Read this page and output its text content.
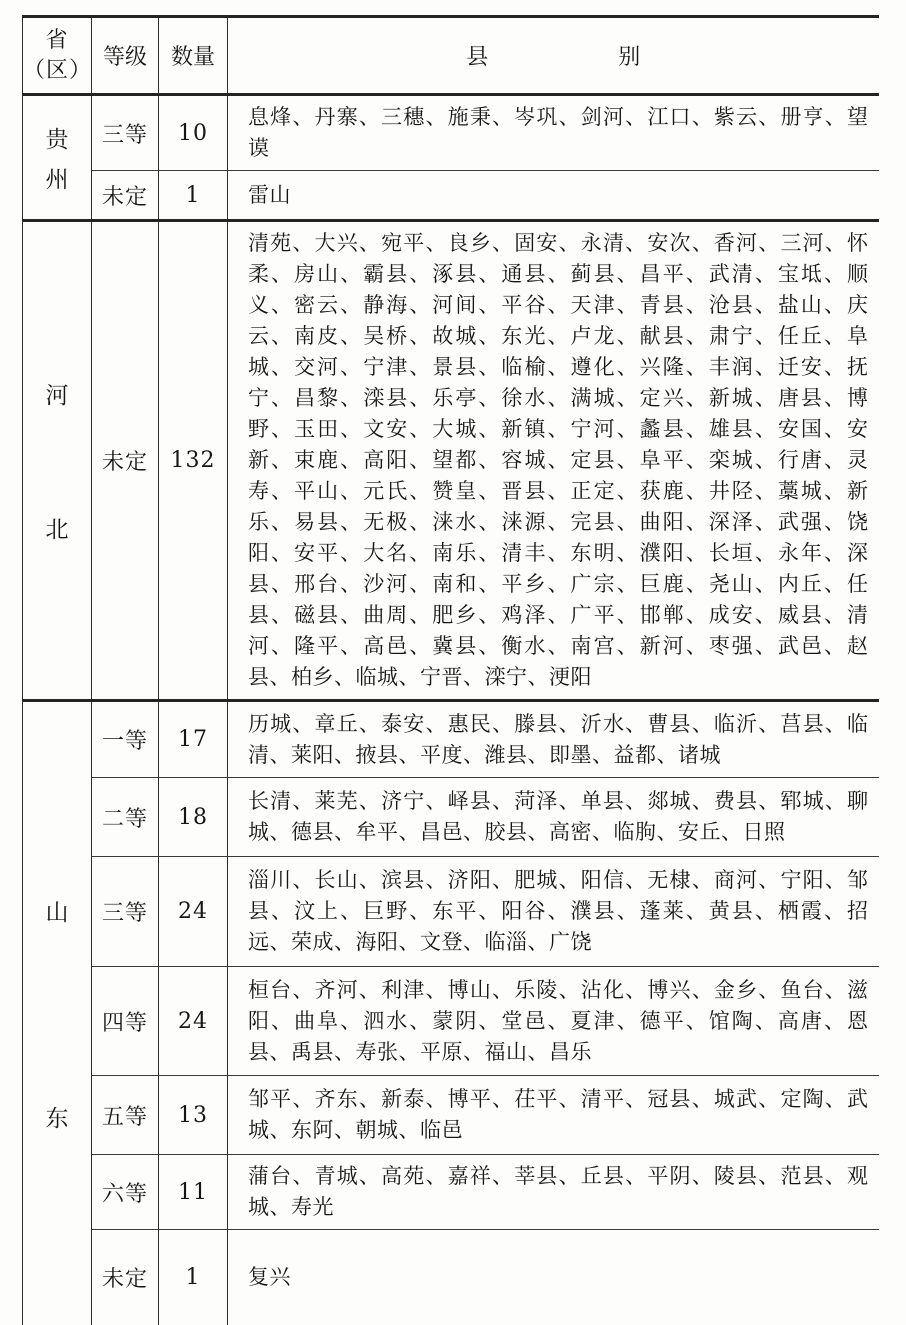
省
（区）	等级	数量	县 别

贵
州	三等	10	息烽、丹寨、三穗、施秉、岑巩、剑河、江口、紫云、册亨、望谟
	未定	1	雷山

河
北	未定	132	清苑、大兴、宛平、良乡、固安、永清、安次、香河、三河、怀柔、房山、霸县、涿县、通县、蓟县、昌平、武清、宝坻、顺义、密云、静海、河间、平谷、天津、青县、沧县、盐山、庆云、南皮、吴桥、故城、东光、卢龙、献县、肃宁、任丘、阜城、交河、宁津、景县、临榆、遵化、兴隆、丰润、迁安、抚宁、昌黎、滦县、乐亭、徐水、满城、定兴、新城、唐县、博野、玉田、文安、大城、新镇、宁河、蠡县、雄县、安国、安新、束鹿、高阳、望都、容城、定县、阜平、栾城、行唐、灵寿、平山、元氏、赞皇、晋县、正定、获鹿、井陉、藁城、新乐、易县、无极、涞水、涞源、完县、曲阳、深泽、武强、饶阳、安平、大名、南乐、清丰、东明、濮阳、长垣、永年、深县、邢台、沙河、南和、平乡、广宗、巨鹿、尧山、内丘、任县、磁县、曲周、肥乡、鸡泽、广平、邯郸、成安、威县、清河、隆平、高邑、冀县、衡水、南宫、新河、枣强、武邑、赵县、柏乡、临城、宁晋、滦宁、浭阳

山
东	一等	17	历城、章丘、泰安、惠民、滕县、沂水、曹县、临沂、莒县、临清、莱阳、掖县、平度、潍县、即墨、益都、诸城
	二等	18	长清、莱芜、济宁、峄县、菏泽、单县、郯城、费县、郓城、聊城、德县、牟平、昌邑、胶县、高密、临朐、安丘、日照
	三等	24	淄川、长山、滨县、济阳、肥城、阳信、无棣、商河、宁阳、邹县、汶上、巨野、东平、阳谷、濮县、蓬莱、黄县、栖霞、招远、荣成、海阳、文登、临淄、广饶
	四等	24	桓台、齐河、利津、博山、乐陵、沾化、博兴、金乡、鱼台、滋阳、曲阜、泗水、蒙阴、堂邑、夏津、德平、馆陶、高唐、恩县、禹县、寿张、平原、福山、昌乐
	五等	13	邹平、齐东、新泰、博平、茌平、清平、冠县、城武、定陶、武城、东阿、朝城、临邑
	六等	11	蒲台、青城、高苑、嘉祥、莘县、丘县、平阴、陵县、范县、观城、寿光
	未定	1	复兴
